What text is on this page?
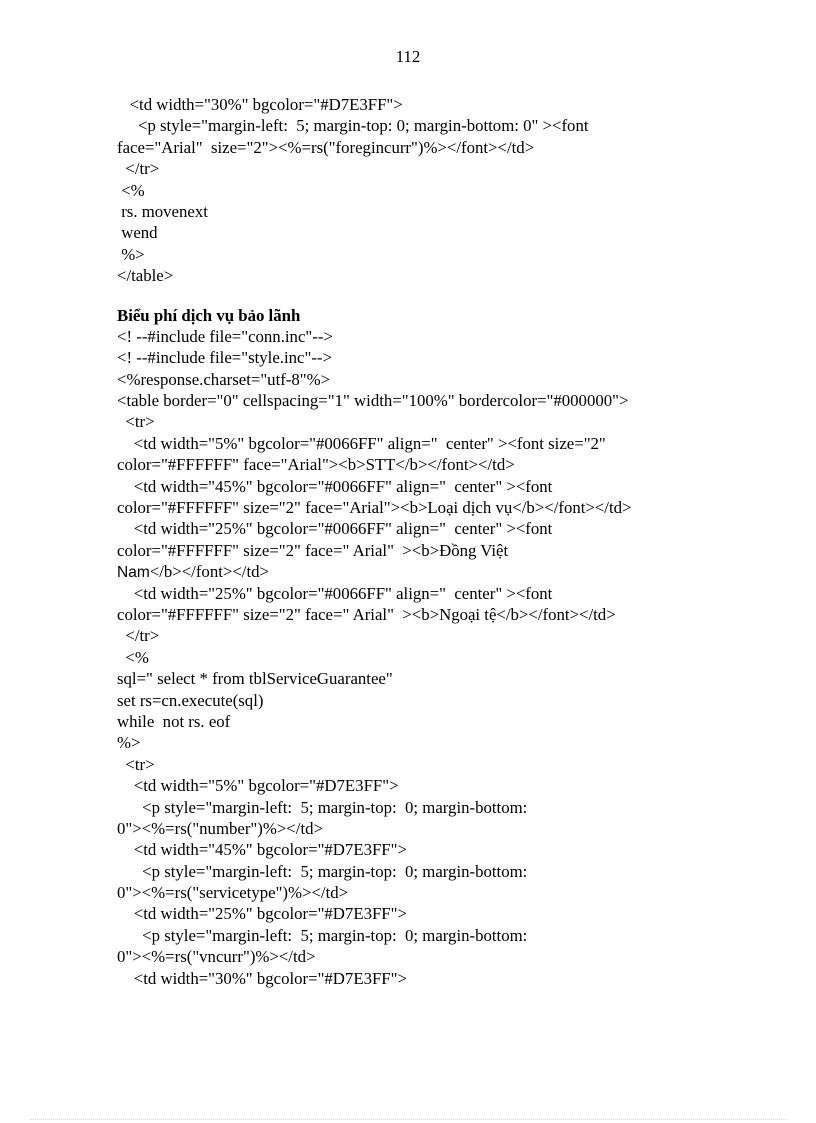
112
<td width="30%" bgcolor="#D7E3FF">
<p style="margin-left:  5; margin-top: 0; margin-bottom: 0" ><font
face="Arial"  size="2"><%=rs("foregincurr")%></font></td>
</tr>
<%
rs. movenext
wend
%>
</table>
Biểu phí dịch vụ bảo lãnh
<! --#include file="conn.inc"-->
<! --#include file="style.inc"-->
<%response.charset="utf-8"%>
<table border="0" cellspacing="1" width="100%" bordercolor="#000000">
<tr>
<td width="5%" bgcolor="#0066FF" align="  center" ><font size="2"
color="#FFFFFF" face="Arial"><b>STT</b></font></td>
<td width="45%" bgcolor="#0066FF" align="  center" ><font
color="#FFFFFF" size="2" face="Arial"><b>Loại dịch vụ</b></font></td>
<td width="25%" bgcolor="#0066FF" align="  center" ><font
color="#FFFFFF" size="2" face=" Arial"  ><b>Đồng Việt
Nam</b></font></td>
<td width="25%" bgcolor="#0066FF" align="  center" ><font
color="#FFFFFF" size="2" face=" Arial"  ><b>Ngoại tệ</b></font></td>
</tr>
<%
sql=" select * from tblServiceGuarantee"
set rs=cn.execute(sql)
while  not rs. eof
%>
<tr>
<td width="5%" bgcolor="#D7E3FF">
<p style="margin-left:  5; margin-top:  0; margin-bottom:
0"><%=rs("number")%></td>
<td width="45%" bgcolor="#D7E3FF">
<p style="margin-left:  5; margin-top:  0; margin-bottom:
0"><%=rs("servicetype")%></td>
<td width="25%" bgcolor="#D7E3FF">
<p style="margin-left:  5; margin-top:  0; margin-bottom:
0"><%=rs("vncurr")%></td>
<td width="30%" bgcolor="#D7E3FF">
